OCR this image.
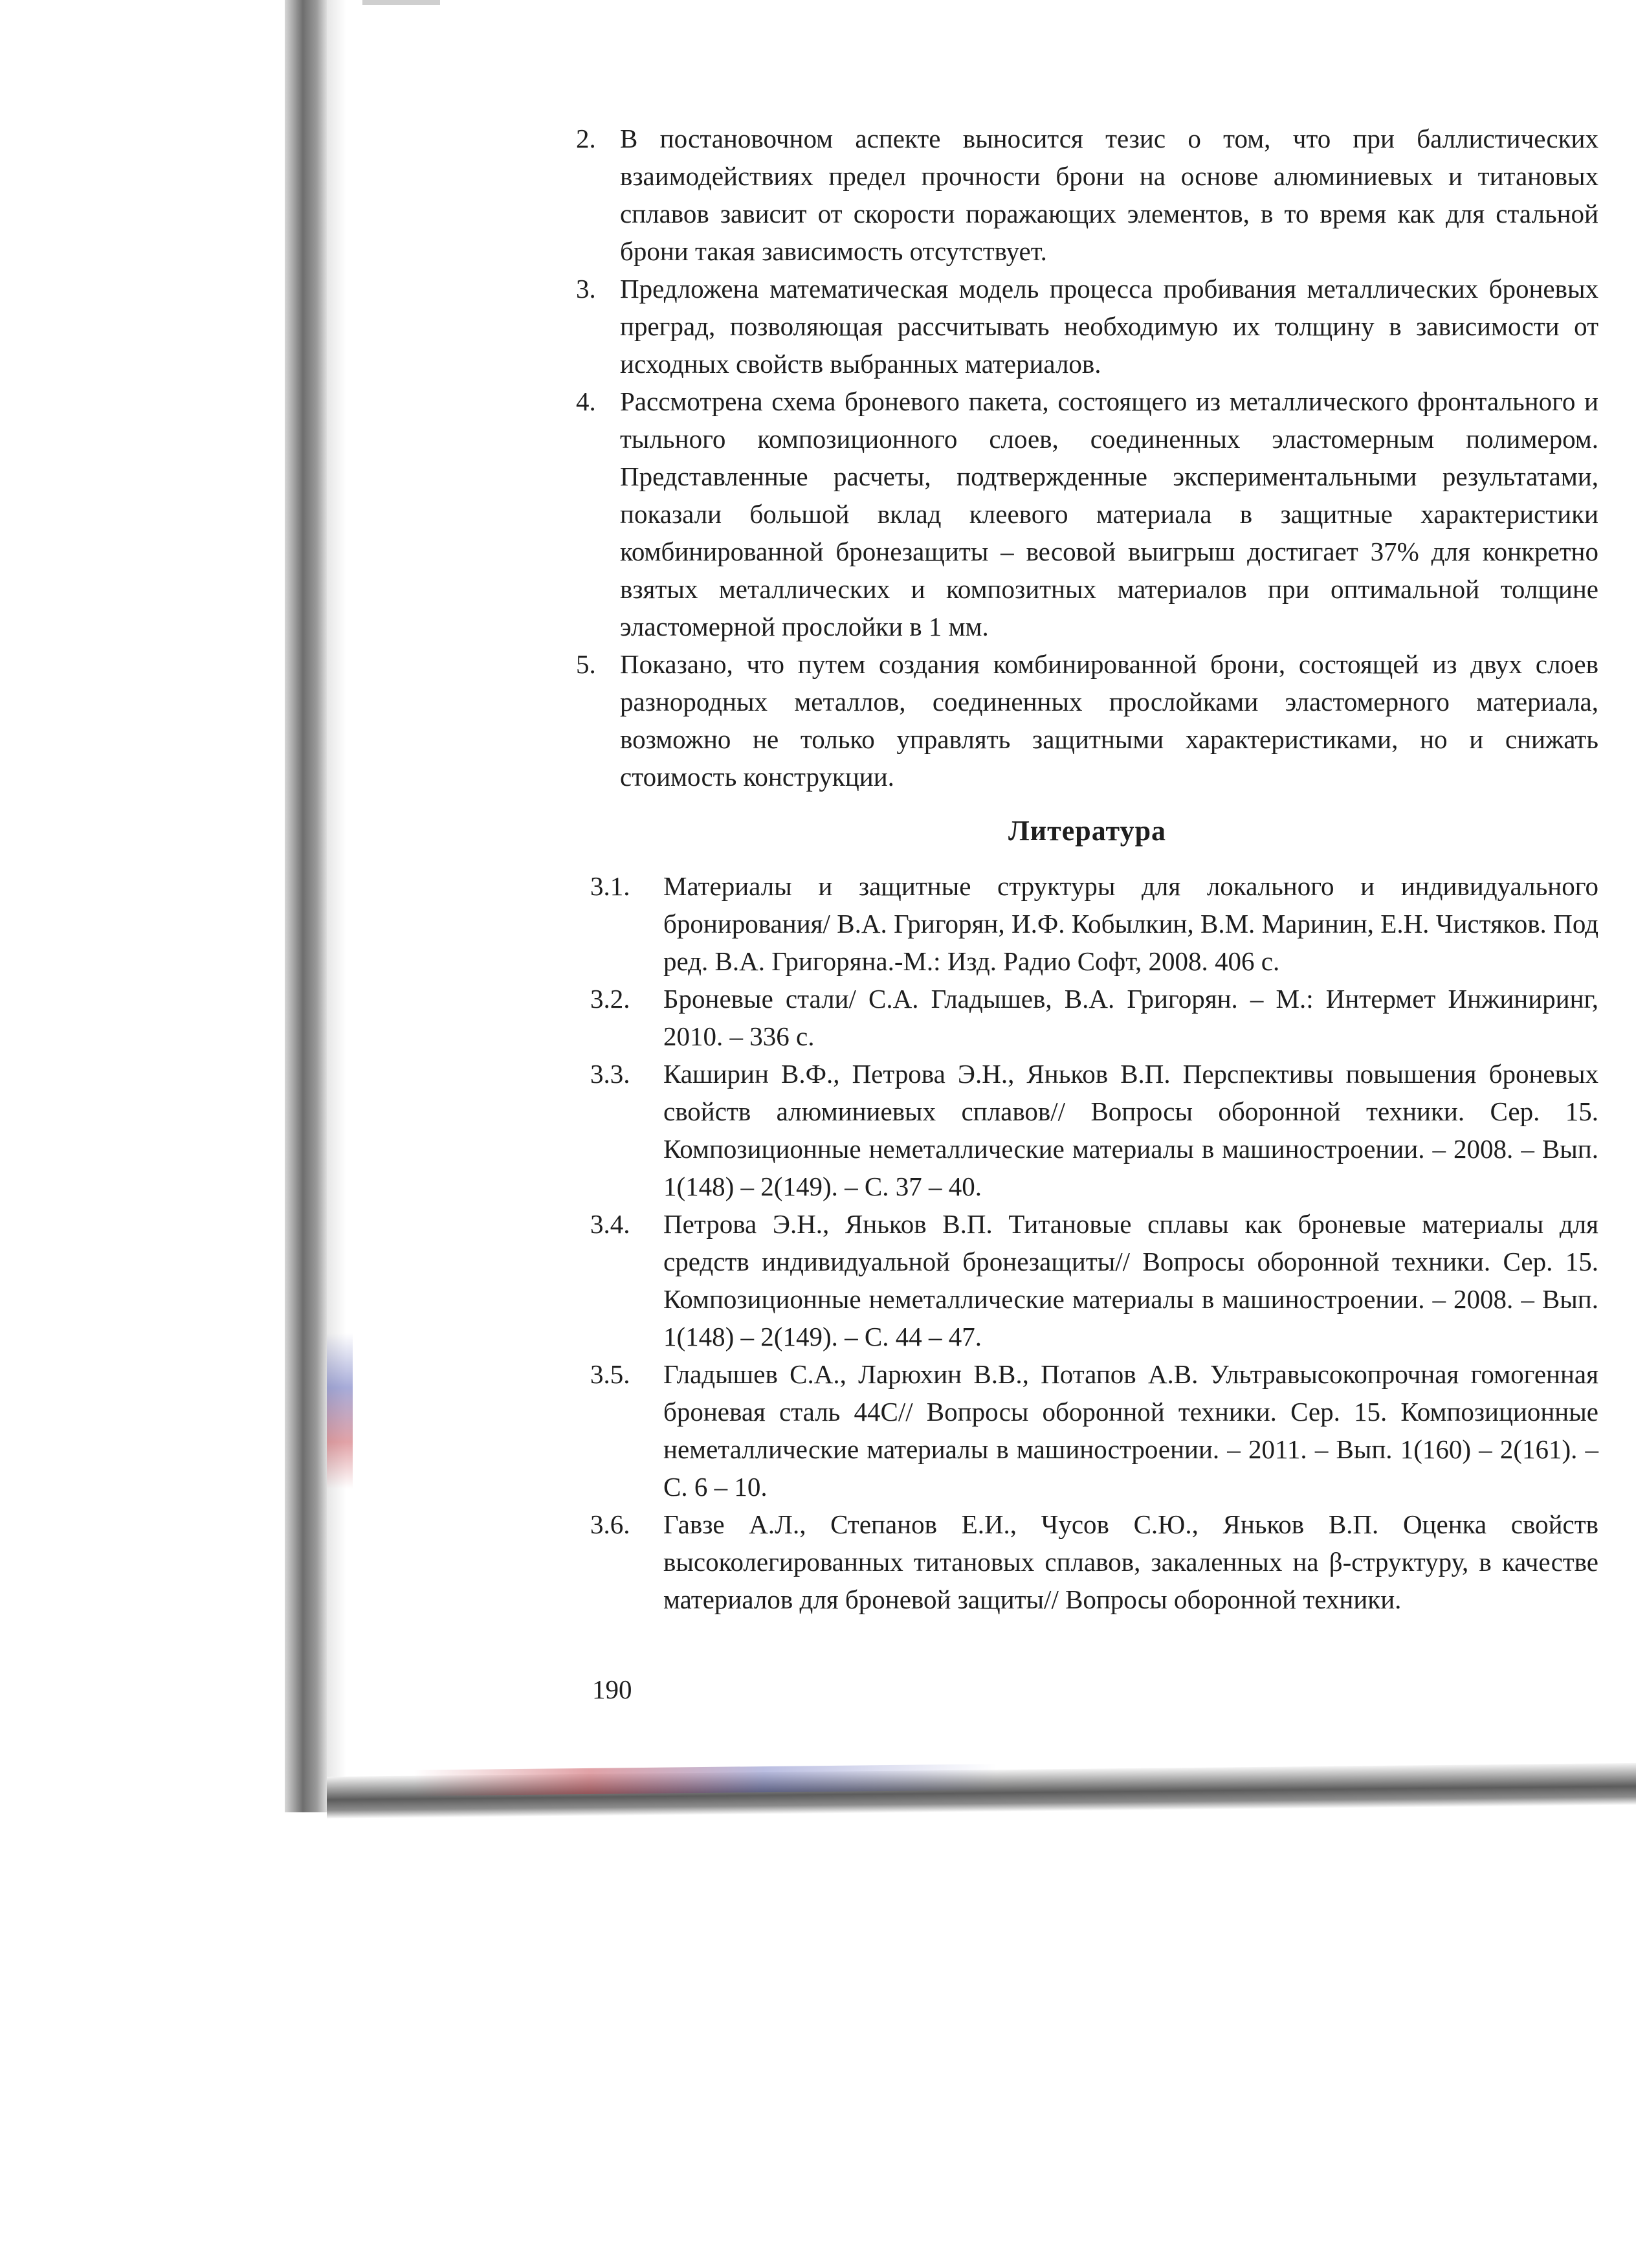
2. В постановочном аспекте выносится тезис о том, что при баллистических взаимодействиях предел прочности брони на основе алюминиевых и титановых сплавов зависит от скорости поражающих элементов, в то время как для стальной брони такая зависимость отсутствует.
3. Предложена математическая модель процесса пробивания металлических броневых преград, позволяющая рассчитывать необходимую их толщину в зависимости от исходных свойств выбранных материалов.
4. Рассмотрена схема броневого пакета, состоящего из металлического фронтального и тыльного композиционного слоев, соединенных эластомерным полимером. Представленные расчеты, подтвержденные экспериментальными результатами, показали большой вклад клеевого материала в защитные характеристики комбинированной бронезащиты – весовой выигрыш достигает 37% для конкретно взятых металлических и композитных материалов при оптимальной толщине эластомерной прослойки в 1 мм.
5. Показано, что путем создания комбинированной брони, состоящей из двух слоев разнородных металлов, соединенных прослойками эластомерного материала, возможно не только управлять защитными характеристиками, но и снижать стоимость конструкции.
Литература
3.1.	Материалы и защитные структуры для локального и индивидуального бронирования/ В.А. Григорян, И.Ф. Кобылкин, В.М. Маринин, Е.Н. Чистяков. Под ред. В.А. Григоряна.-М.: Изд. Радио Софт, 2008. 406 с.
3.2.	Броневые стали/ С.А. Гладышев, В.А. Григорян. – М.: Интермет Инжиниринг, 2010. – 336 с.
3.3.	Каширин В.Ф., Петрова Э.Н., Яньков В.П. Перспективы повышения броневых свойств алюминиевых сплавов// Вопросы оборонной техники. Сер. 15. Композиционные неметаллические материалы в машиностроении. – 2008. – Вып. 1(148) – 2(149). – С. 37 – 40.
3.4.	Петрова Э.Н., Яньков В.П. Титановые сплавы как броневые материалы для средств индивидуальной бронезащиты// Вопросы оборонной техники. Сер. 15. Композиционные неметаллические материалы в машиностроении. – 2008. – Вып. 1(148) – 2(149). – С. 44 – 47.
3.5.	Гладышев С.А., Ларюхин В.В., Потапов А.В. Ультравысокопрочная гомогенная броневая сталь 44С// Вопросы оборонной техники. Сер. 15. Композиционные неметаллические материалы в машиностроении. – 2011. – Вып. 1(160) – 2(161). – С. 6 – 10.
3.6.	Гавзе А.Л., Степанов Е.И., Чусов С.Ю., Яньков В.П. Оценка свойств высоколегированных титановых сплавов, закаленных на β-структуру, в качестве материалов для броневой защиты// Вопросы оборонной техники.
190
